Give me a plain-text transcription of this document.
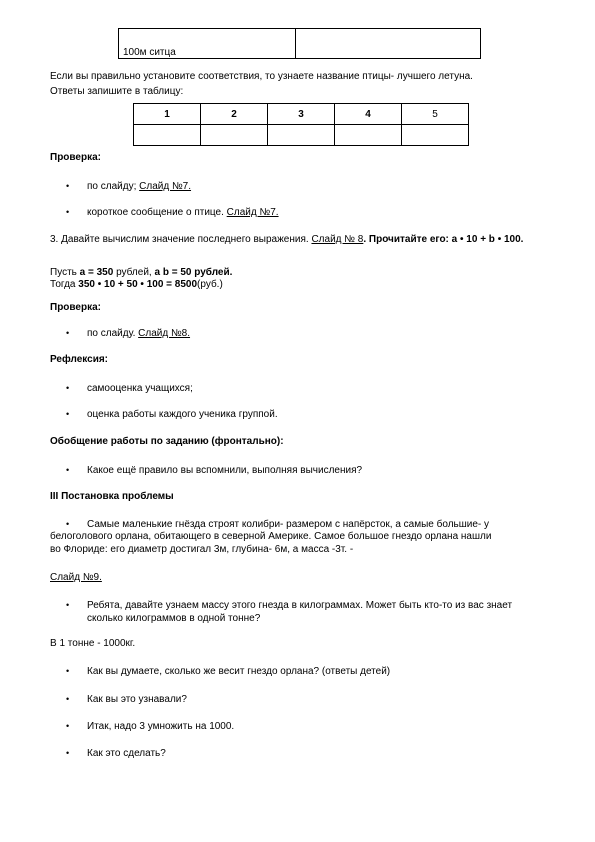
100м ситца	
Если вы правильно установите соответствия, то узнаете название птицы- лучшего летуна.
Ответы запишите в таблицу:
1	2	3	4	5

Проверка:
• по слайду; Слайд №7.
• короткое сообщение о птице. Слайд №7.
3. Давайте вычислим значение последнего выражения. Слайд № 8. Прочитайте его: а • 10 + b • 100.
Пусть а = 350 рублей, а b = 50 рублей.
Тогда 350 • 10 + 50 • 100 = 8500(руб.)
Проверка:
• по слайду. Слайд №8.
Рефлексия:
• самооценка учащихся;
• оценка работы каждого ученика группой.
Обобщение работы по заданию (фронтально):
• Какое ещё правило вы вспомнили, выполняя вычисления?
III Постановка проблемы
• Самые маленькие гнёзда строят колибри- размером с напёрсток, а самые большие- у
белоголового орлана, обитающего в северной Америке. Самое большое гнездо орлана нашли
во Флориде: его диаметр достигал 3м, глубина- 6м, а масса -3т. -
Слайд №9.
• Ребята, давайте узнаем массу этого гнезда в килограммах. Может быть кто-то из вас знает
сколько килограммов в одной тонне?
В 1 тонне - 1000кг.
• Как вы думаете, сколько же весит гнездо орлана? (ответы детей)
• Как вы это узнавали?
• Итак, надо 3 умножить на 1000.
• Как это сделать?
